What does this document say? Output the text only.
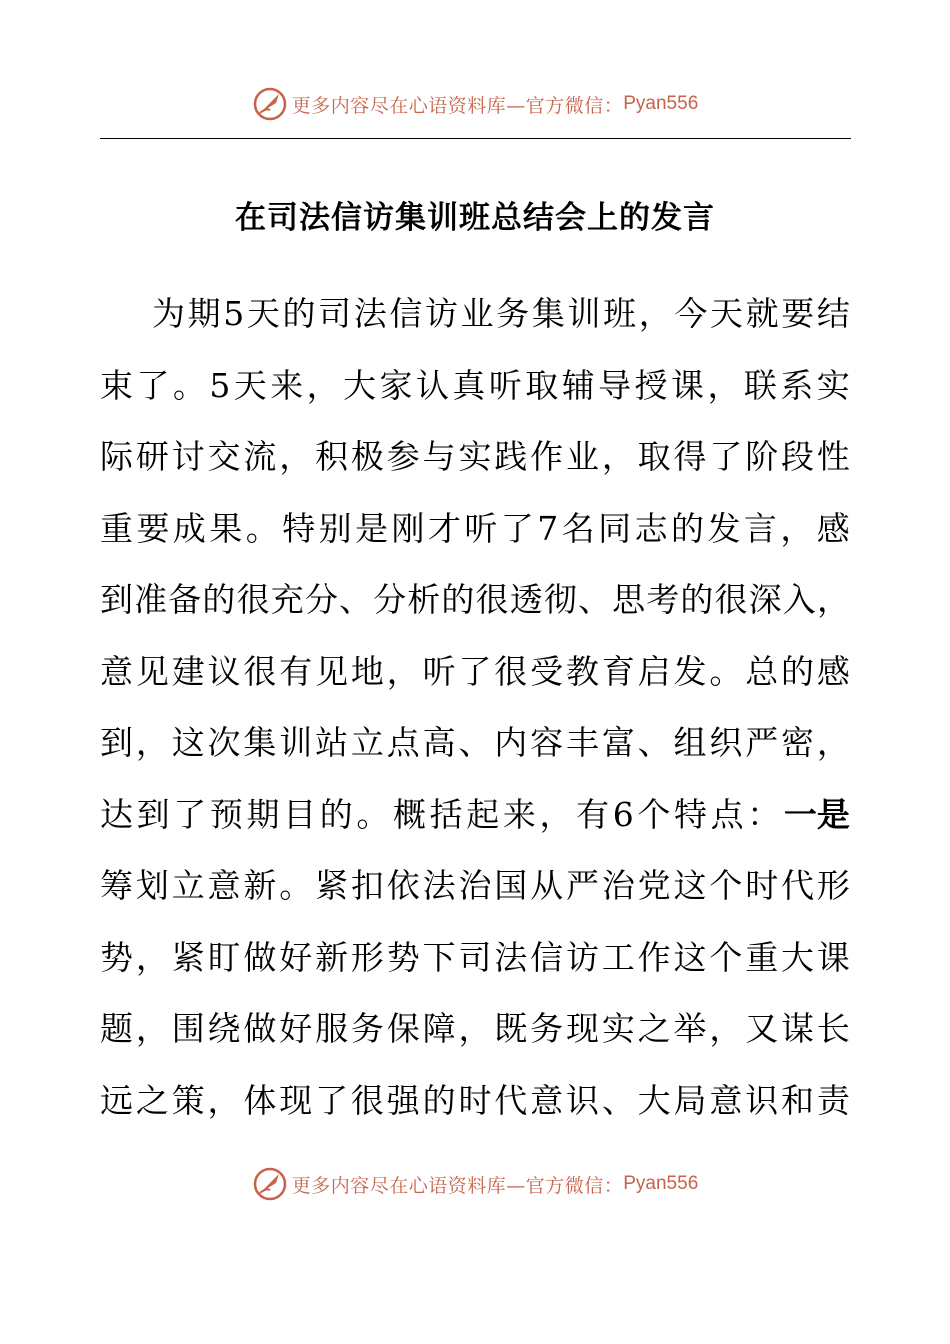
更多内容尽在心语资料库—官方微信： Pyan556
在司法信访集训班总结会上的发言
为 期 5 天 的 司 法 信 访 业 务 集 训 班 ， 今 天 就 要 结
束 了 。 5 天 来 ， 大 家 认 真 听 取 辅 导 授 课 ， 联 系 实
际 研 讨 交 流 ， 积 极 参 与 实 践 作 业 ， 取 得 了 阶 段 性
重 要 成 果 。 特 别 是 刚 才 听 了 7 名 同 志 的 发 言 ， 感
到 准 备 的 很 充 分 、 分 析 的 很 透 彻 、 思 考 的 很 深 入 ，
意 见 建 议 很 有 见 地 ， 听 了 很 受 教 育 启 发 。 总 的 感
到 ， 这 次 集 训 站 立 点 高 、 内 容 丰 富 、 组 织 严 密 ，
达 到 了 预 期 目 的 。 概 括 起 来 ， 有 6 个 特 点 ： 一是
筹 划 立 意 新 。 紧 扣 依 法 治 国 从 严 治 党 这 个 时 代 形
势 ， 紧 盯 做 好 新 形 势 下 司 法 信 访 工 作 这 个 重 大 课
题 ， 围 绕 做 好 服 务 保 障 ， 既 务 现 实 之 举 ， 又 谋 长
远 之 策 ， 体 现 了 很 强 的 时 代 意 识 、 大 局 意 识 和 责
更多内容尽在心语资料库—官方微信： Pyan556
